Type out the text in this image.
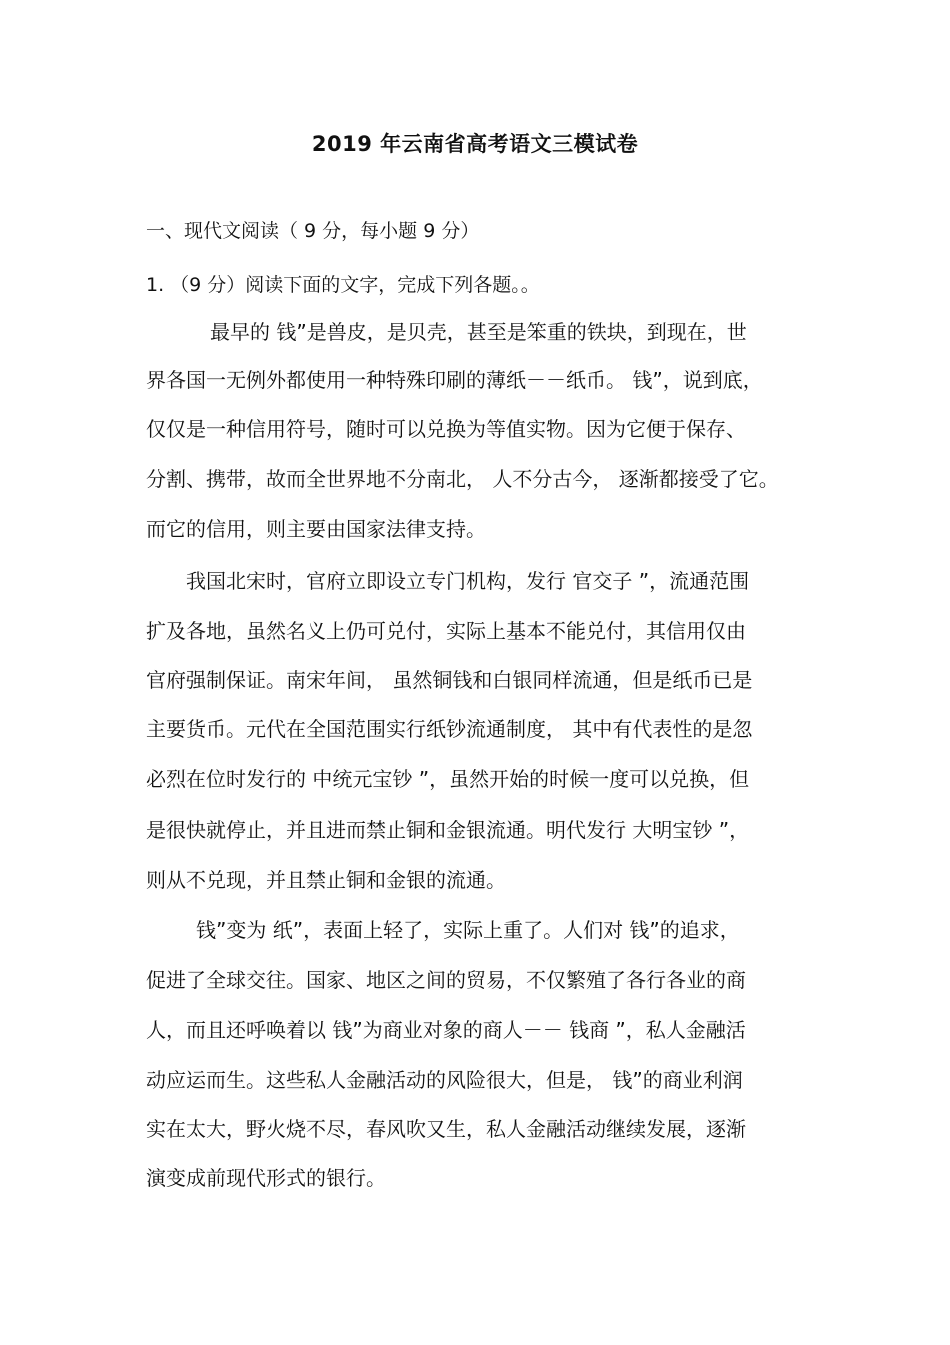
2019 年云南省高考语文三模试卷
一、现代文阅读（ 9 分，每小题 9 分）
1. （9 分）阅读下面的文字，完成下列各题。。
最早的 钱”是兽皮，是贝壳，甚至是笨重的铁块，到现在，世
界各国一无例外都使用一种特殊印刷的薄纸－－纸币。 钱”，说到底，
仅仅是一种信用符号，随时可以兑换为等值实物。因为它便于保存、
分割、携带，故而全世界地不分南北， 人不分古今， 逐渐都接受了它。
而它的信用，则主要由国家法律支持。
我国北宋时，官府立即设立专门机构，发行 官交子 ”，流通范围
扩及各地，虽然名义上仍可兑付，实际上基本不能兑付，其信用仅由
官府强制保证。南宋年间， 虽然铜钱和白银同样流通，但是纸币已是
主要货币。元代在全国范围实行纸钞流通制度， 其中有代表性的是忽
必烈在位时发行的 中统元宝钞 ”，虽然开始的时候一度可以兑换，但
是很快就停止，并且进而禁止铜和金银流通。明代发行 大明宝钞 ”，
则从不兑现，并且禁止铜和金银的流通。
钱”变为 纸”，表面上轻了，实际上重了。人们对 钱”的追求，
促进了全球交往。国家、地区之间的贸易，不仅繁殖了各行各业的商
人，而且还呼唤着以 钱”为商业对象的商人－－ 钱商 ”，私人金融活
动应运而生。这些私人金融活动的风险很大，但是， 钱”的商业利润
实在太大，野火烧不尽，春风吹又生，私人金融活动继续发展，逐渐
演变成前现代形式的银行。
